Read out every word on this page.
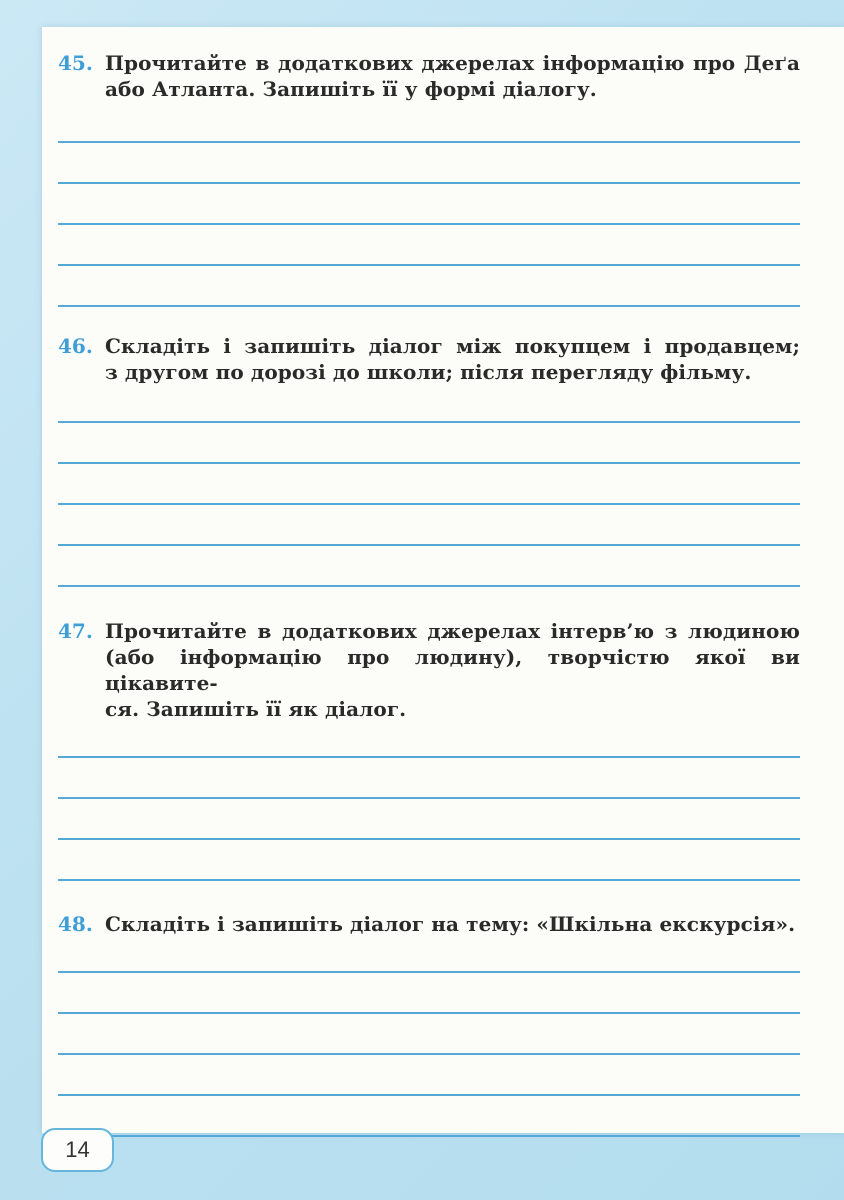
45. Прочитайте в додаткових джерелах інформацію про Деґа
або Атланта. Запишіть її у формі діалогу.
46. Складіть і запишіть діалог між покупцем і продавцем;
з другом по дорозі до школи; після перегляду фільму.
47. Прочитайте в додаткових джерелах інтерв’ю з людиною
(або інформацію про людину), творчістю якої ви цікавите-
ся. Запишіть її як діалог.
48. Складіть і запишіть діалог на тему: «Шкільна екскурсія».
14
